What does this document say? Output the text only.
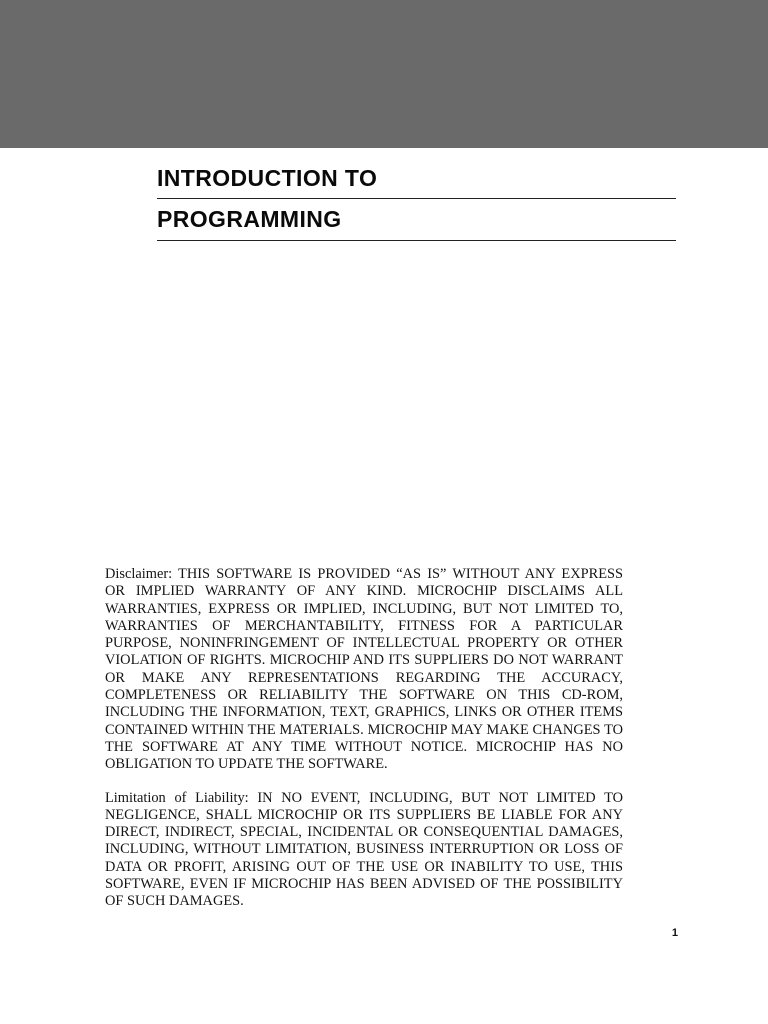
INTRODUCTION TO
PROGRAMMING

Disclaimer: THIS SOFTWARE IS PROVIDED “AS IS” WITHOUT ANY EXPRESS OR IMPLIED WARRANTY OF ANY KIND. MICROCHIP DISCLAIMS ALL WARRANTIES, EXPRESS OR IMPLIED, INCLUDING, BUT NOT LIMITED TO, WARRANTIES OF MERCHANTABILITY, FITNESS FOR A PARTICULAR PURPOSE, NONINFRINGEMENT OF INTELLECTUAL PROPERTY OR OTHER VIOLATION OF RIGHTS. MICROCHIP AND ITS SUPPLIERS DO NOT WARRANT OR MAKE ANY REPRESENTATIONS REGARDING THE ACCURACY, COMPLETENESS OR RELIABILITY THE SOFTWARE ON THIS CD-ROM, INCLUDING THE INFORMATION, TEXT, GRAPHICS, LINKS OR OTHER ITEMS CONTAINED WITHIN THE MATERIALS. MICROCHIP MAY MAKE CHANGES TO THE SOFTWARE AT ANY TIME WITHOUT NOTICE. MICROCHIP HAS NO OBLIGATION TO UPDATE THE SOFTWARE.

Limitation of Liability: IN NO EVENT, INCLUDING, BUT NOT LIMITED TO NEGLIGENCE, SHALL MICROCHIP OR ITS SUPPLIERS BE LIABLE FOR ANY DIRECT, INDIRECT, SPECIAL, INCIDENTAL OR CONSEQUENTIAL DAMAGES, INCLUDING, WITHOUT LIMITATION, BUSINESS INTERRUPTION OR LOSS OF DATA OR PROFIT, ARISING OUT OF THE USE OR INABILITY TO USE, THIS SOFTWARE, EVEN IF MICROCHIP HAS BEEN ADVISED OF THE POSSIBILITY OF SUCH DAMAGES.

1
